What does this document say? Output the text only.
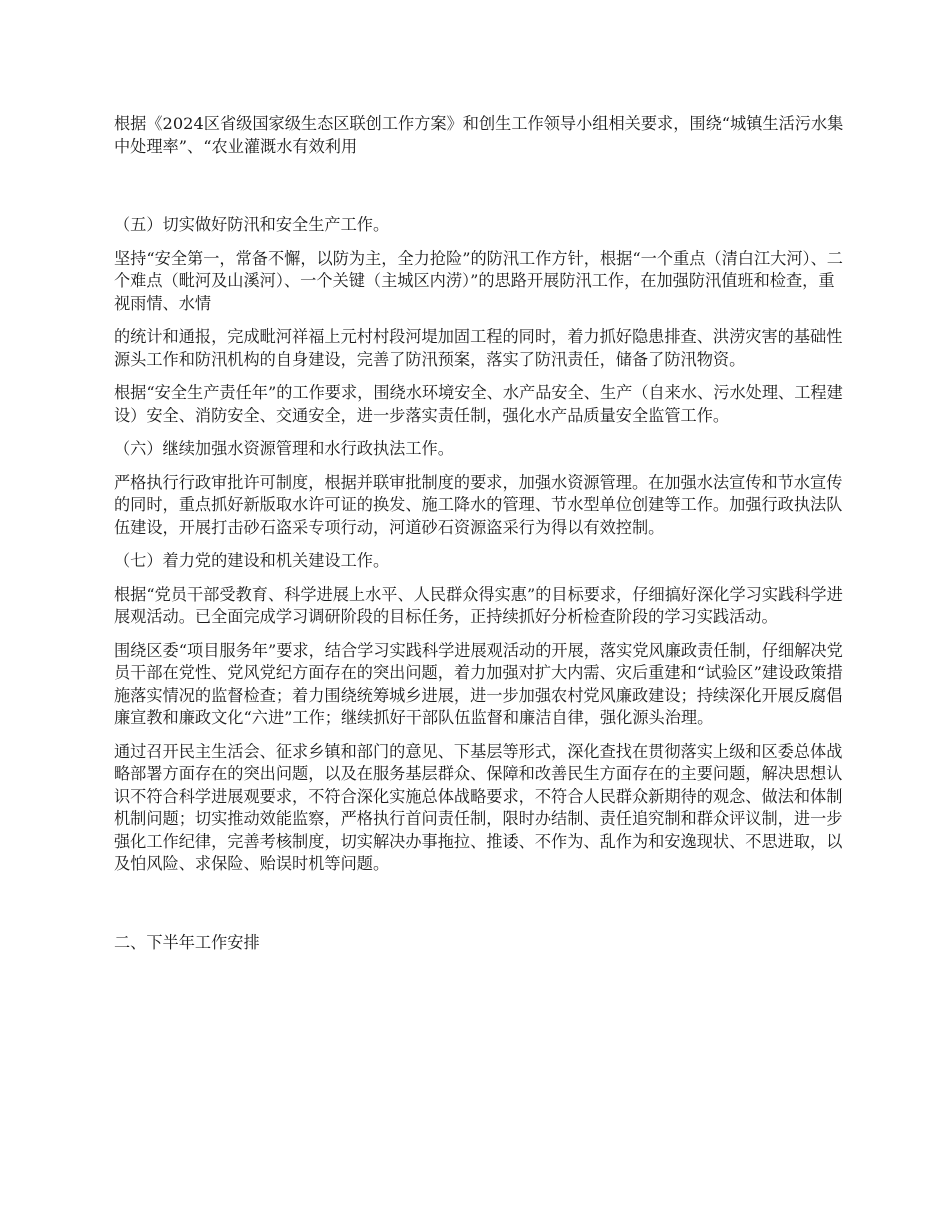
根据《2024区省级国家级生态区联创工作方案》和创生工作领导小组相关要求，围绕“城镇生活污水集中处理率”、“农业灌溉水有效利用

（五）切实做好防汛和安全生产工作。

坚持“安全第一，常备不懈，以防为主，全力抢险”的防汛工作方针，根据“一个重点（清白江大河）、二个难点（毗河及山溪河）、一个关键（主城区内涝）”的思路开展防汛工作，在加强防汛值班和检查，重视雨情、水情

的统计和通报，完成毗河祥福上元村村段河堤加固工程的同时，着力抓好隐患排查、洪涝灾害的基础性源头工作和防汛机构的自身建设，完善了防汛预案，落实了防汛责任，储备了防汛物资。

根据“安全生产责任年”的工作要求，围绕水环境安全、水产品安全、生产（自来水、污水处理、工程建设）安全、消防安全、交通安全，进一步落实责任制，强化水产品质量安全监管工作。

（六）继续加强水资源管理和水行政执法工作。

严格执行行政审批许可制度，根据并联审批制度的要求，加强水资源管理。在加强水法宣传和节水宣传的同时，重点抓好新版取水许可证的换发、施工降水的管理、节水型单位创建等工作。加强行政执法队伍建设，开展打击砂石盗采专项行动，河道砂石资源盗采行为得以有效控制。

（七）着力党的建设和机关建设工作。

根据“党员干部受教育、科学进展上水平、人民群众得实惠”的目标要求，仔细搞好深化学习实践科学进展观活动。已全面完成学习调研阶段的目标任务，正持续抓好分析检查阶段的学习实践活动。

围绕区委“项目服务年”要求，结合学习实践科学进展观活动的开展，落实党风廉政责任制，仔细解决党员干部在党性、党风党纪方面存在的突出问题，着力加强对扩大内需、灾后重建和“试验区”建设政策措施落实情况的监督检查；着力围绕统筹城乡进展，进一步加强农村党风廉政建设；持续深化开展反腐倡廉宣教和廉政文化“六进”工作；继续抓好干部队伍监督和廉洁自律，强化源头治理。

通过召开民主生活会、征求乡镇和部门的意见、下基层等形式，深化查找在贯彻落实上级和区委总体战略部署方面存在的突出问题，以及在服务基层群众、保障和改善民生方面存在的主要问题，解决思想认识不符合科学进展观要求，不符合深化实施总体战略要求，不符合人民群众新期待的观念、做法和体制机制问题；切实推动效能监察，严格执行首问责任制，限时办结制、责任追究制和群众评议制，进一步强化工作纪律，完善考核制度，切实解决办事拖拉、推诿、不作为、乱作为和安逸现状、不思进取，以及怕风险、求保险、贻误时机等问题。

二、下半年工作安排
